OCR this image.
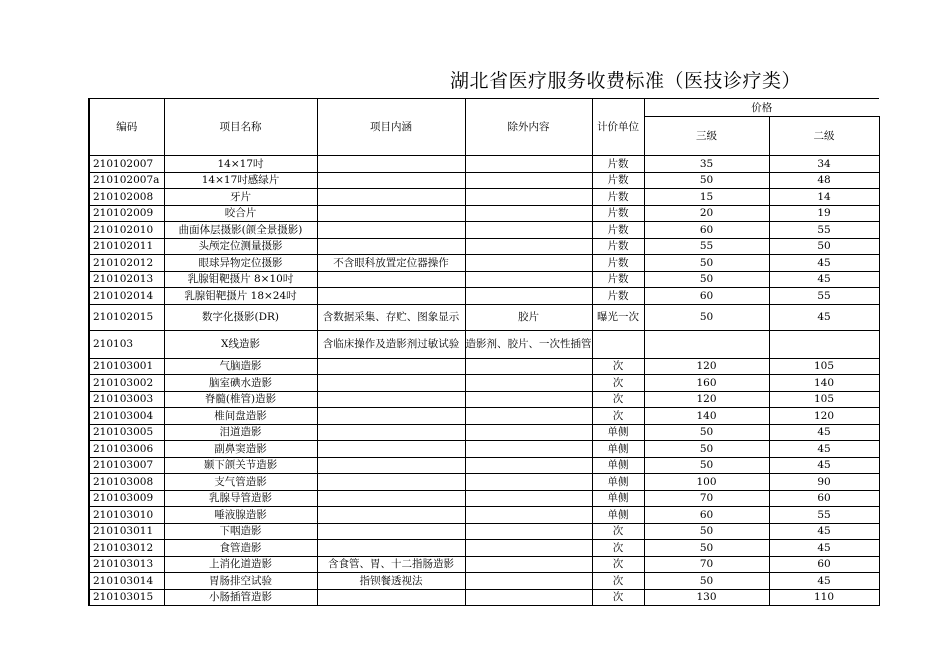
湖北省医疗服务收费标准（医技诊疗类）
编码	项目名称	项目内涵	除外内容	计价单位	价格	
					三级	二级
210102007	14×17吋			片数	35	34
210102007a	14×17吋感绿片			片数	50	48
210102008	牙片			片数	15	14
210102009	咬合片			片数	20	19
210102010	曲面体层摄影(颌全景摄影)			片数	60	55
210102011	头颅定位测量摄影			片数	55	50
210102012	眼球异物定位摄影	不含眼科放置定位器操作		片数	50	45
210102013	乳腺钼靶摄片 8×10吋			片数	50	45
210102014	乳腺钼靶摄片 18×24吋			片数	60	55
210102015	数字化摄影(DR)	含数据采集、存贮、图象显示	胶片	曝光一次	50	45
210103	X线造影	含临床操作及造影剂过敏试验	造影剂、胶片、一次性插管			
210103001	气脑造影			次	120	105
210103002	脑室碘水造影			次	160	140
210103003	脊髓(椎管)造影			次	120	105
210103004	椎间盘造影			次	140	120
210103005	泪道造影			单侧	50	45
210103006	副鼻窦造影			单侧	50	45
210103007	颞下颌关节造影			单侧	50	45
210103008	支气管造影			单侧	100	90
210103009	乳腺导管造影			单侧	70	60
210103010	唾液腺造影			单侧	60	55
210103011	下咽造影			次	50	45
210103012	食管造影			次	50	45
210103013	上消化道造影	含食管、胃、十二指肠造影		次	70	60
210103014	胃肠排空试验	指钡餐透视法		次	50	45
210103015	小肠插管造影			次	130	110
